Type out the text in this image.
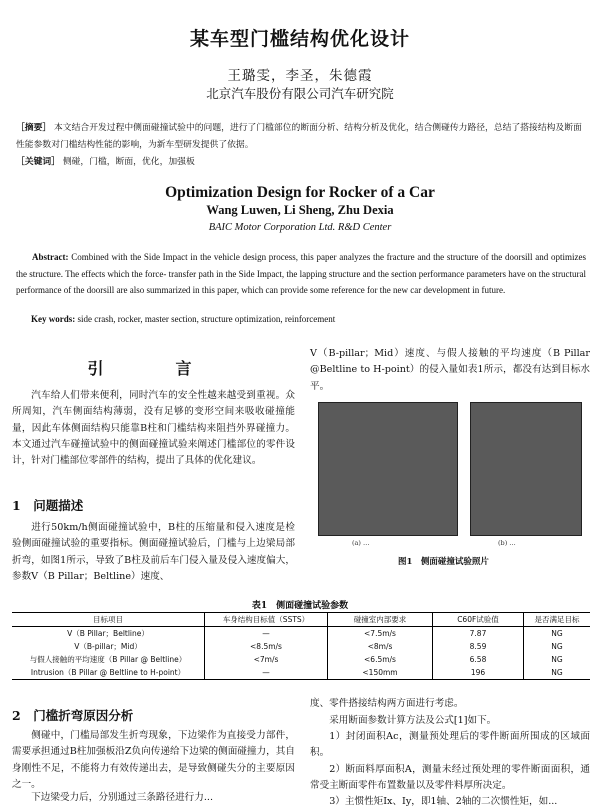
某车型门槛结构优化设计
王璐雯，李圣，朱德霞
北京汽车股份有限公司汽车研究院
［摘要］ 本文结合开发过程中侧面碰撞试验中的问题，进行了门槛部位的断面分析、结构分析及优化，结合侧碰传力路径，总结了搭接结构及断面性能参数对门槛结构性能的影响，为新车型研发提供了依据。
［关键词］ 侧碰，门槛，断面，优化，加强板
Optimization Design for Rocker of a Car
Wang Luwen, Li Sheng, Zhu Dexia
BAIC Motor Corporation Ltd. R&D Center
Abstract: Combined with the Side Impact in the vehicle design process, this paper analyzes the fracture and the structure of the doorsill and optimizes the structure. The effects which the force- transfer path in the Side Impact, the lapping structure and the section performance parameters have on the structural performance of the doorsill are also summarized in this paper, which can provide some reference for the new car development in future.
Key words: side crash, rocker, master section, structure optimization, reinforcement
引　言
汽车给人们带来便利，同时汽车的安全性越来越受到重视。众所周知，汽车侧面结构薄弱，没有足够的变形空间来吸收碰撞能量，因此车体侧面结构只能靠B柱和门槛结构来阻挡外界碰撞力。本文通过汽车碰撞试验中的侧面碰撞试验来阐述门槛部位的零件设计，针对门槛部位零部件的结构，提出了具体的优化建议。
1　问题描述
进行50km/h侧面碰撞试验中，B柱的压缩量和侵入速度是检验侧面碰撞试验的重要指标。侧面碰撞试验后，门槛与上边梁局部折弯，如图1所示，导致了B柱及前后车门侵入量及侵入速度偏大，参数V（B Pillar；Beltline）速度、
V（B-pillar；Mid）速度、与假人接触的平均速度（B Pillar @Beltline to H-point）的侵入量如表1所示，都没有达到目标水平。
(a) …	(b) …
图1　侧面碰撞试验照片
表1　侧面碰撞试验参数
目标项目	车身结构目标值（SSTS）	碰撞室内部要求	C60F试验值	是否满足目标
V（B Pillar；Beltline）	—	<7.5m/s	7.87	NG
V（B-pillar；Mid）	<8.5m/s	<8m/s	8.59	NG
与假人接触的平均速度（B Pillar @ Beltline）	<7m/s	<6.5m/s	6.58	NG
Intrusion（B Pillar @ Beltline to H-point）	—	<150mm	196	NG
2　门槛折弯原因分析
侧碰中，门槛局部发生折弯现象，下边梁作为直接受力部件，需要承担通过B柱加强板沿Z负向传递给下边梁的侧面碰撞力，其自身刚性不足，不能将力有效传递出去，是导致侧碰失分的主要原因之一。
下边梁受力后，分别通过三条路径进行力...
度、零件搭接结构两方面进行考虑。
采用断面参数计算方法及公式[1]如下。
1）封闭面积Ac，测量预处理后的零件断面所围成的区域面积。
2）断面料厚面积A，测量未经过预处理的零件断面面积，通常受主断面零件布置数量以及零件料厚所决定。
3）主惯性矩Ix、Iy，即1轴、2轴的二次惯性矩，如...
